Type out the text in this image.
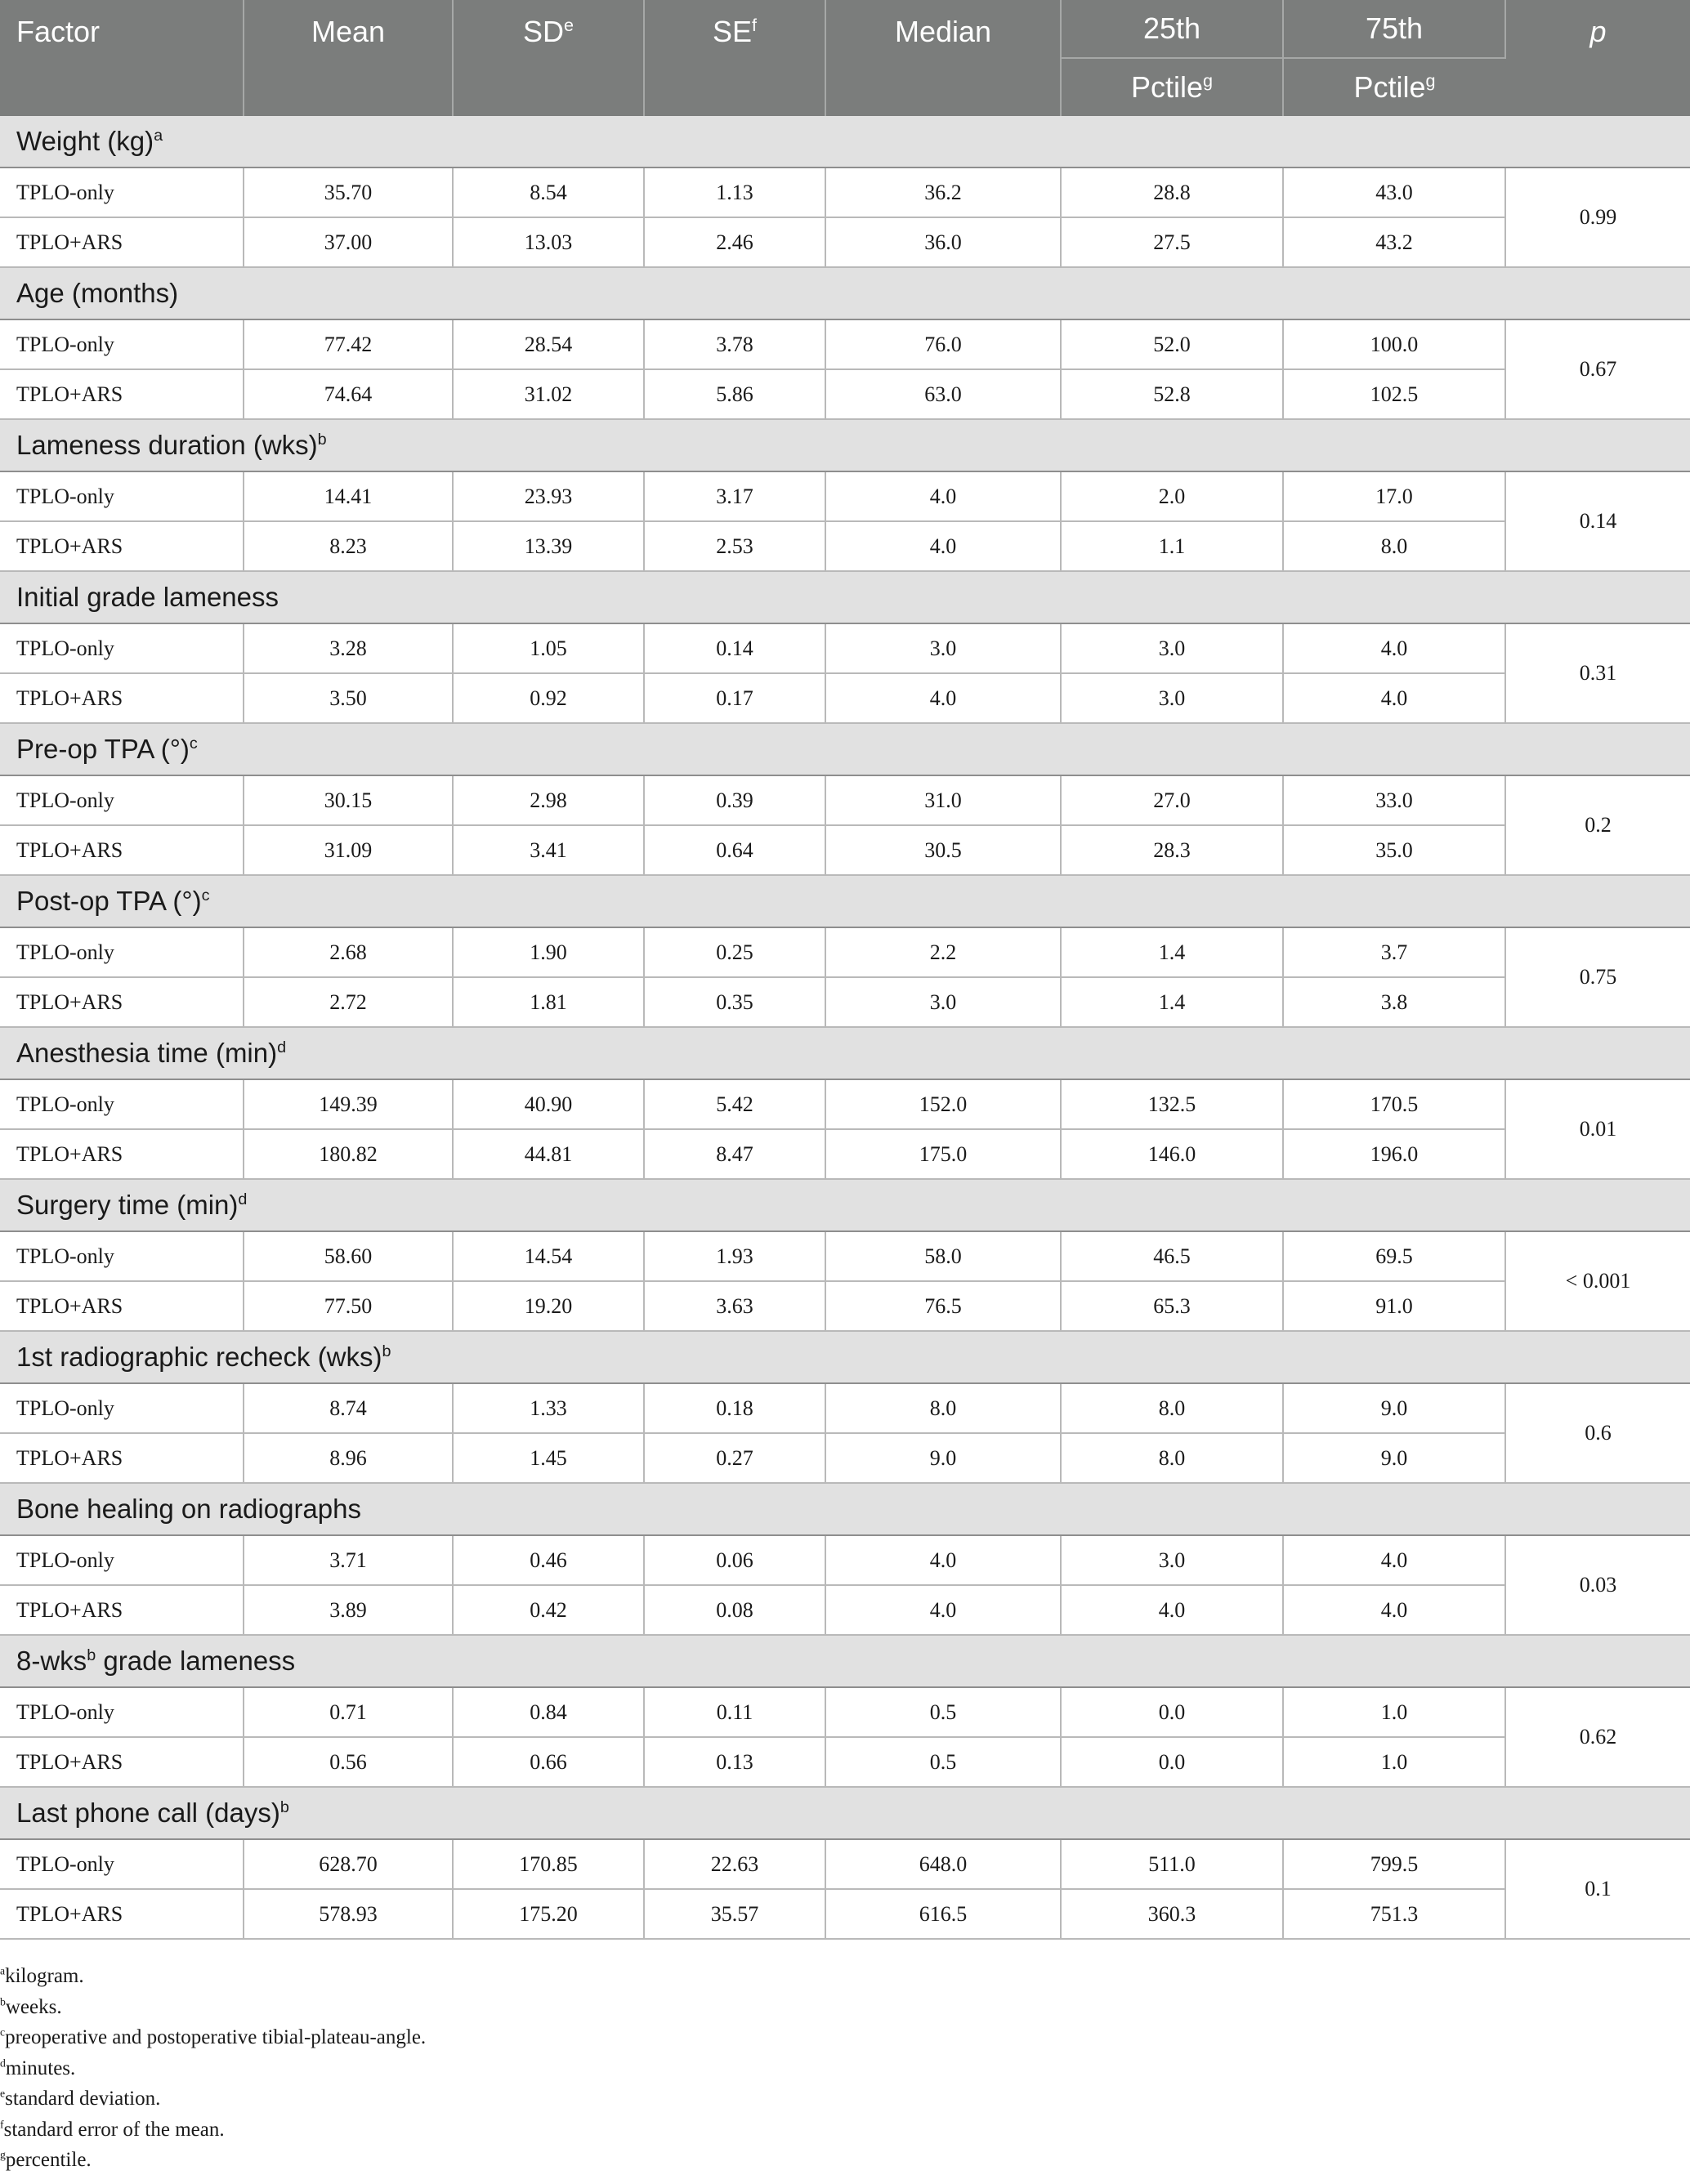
Factor	Mean	$SD^e$	$SE^f$	Median	25th	75th	p
					Pctile$^g$	Pctile$^g$
Weight (kg)$^a$
TPLO-only	35.70	8.54	1.13	36.2	28.8	43.0	0.99
TPLO+ARS	37.00	13.03	2.46	36.0	27.5	43.2	
Age (months)							
TPLO-only	77.42	28.54	3.78	76.0	52.0	100.0	0.67
TPLO+ARS	74.64	31.02	5.86	63.0	52.8	102.5	
Lameness duration (wks)$^b$
TPLO-only	14.41	23.93	3.17	4.0	2.0	17.0	0.14
TPLO+ARS	8.23	13.39	2.53	4.0	1.1	8.0	
Initial grade lameness							
TPLO-only	3.28	1.05	0.14	3.0	3.0	4.0	0.31
TPLO+ARS	3.50	0.92	0.17	4.0	3.0	4.0	
Pre-op TPA (°)$^c$
TPLO-only	30.15	2.98	0.39	31.0	27.0	33.0	0.2
TPLO+ARS	31.09	3.41	0.64	30.5	28.3	35.0	
Post-op TPA (°)$^c$
TPLO-only	2.68	1.90	0.25	2.2	1.4	3.7	0.75
TPLO+ARS	2.72	1.81	0.35	3.0	1.4	3.8	
Anesthesia time $(\min)^d$
TPLO-only	149.39	40.90	5.42	152.0	132.5	170.5	0.01
TPLO+ARS	180.82	44.81	8.47	175.0	146.0	196.0	
Surgery time $(\min)^d$
TPLO-only	58.60	14.54	1.93	58.0	46.5	69.5	< 0.001
TPLO+ARS	77.50	19.20	3.63	76.5	65.3	91.0	
1st radiographic recheck (wks)$^b$
TPLO-only	8.74	1.33	0.18	8.0	8.0	9.0	0.6
TPLO+ARS	8.96	1.45	0.27	9.0	8.0	9.0	
Bone healing on radiographs							
TPLO-only	3.71	0.46	0.06	4.0	3.0	4.0	0.03
TPLO+ARS	3.89	0.42	0.08	4.0	4.0	4.0	
8-wks$^b$ grade lameness							
TPLO-only	0.71	0.84	0.11	0.5	0.0	1.0	0.62
TPLO+ARS	0.56	0.66	0.13	0.5	0.0	1.0	
Last phone call (days)$^b$
TPLO-only	628.70	170.85	22.63	648.0	511.0	799.5	0.1
TPLO+ARS	578.93	175.20	35.57	616.5	360.3	751.3	
$^a$kilogram.
$^b$weeks.
$^c$preoperative and postoperative tibial-plateau-angle.
$^d$minutes.
$^e$standard deviation.
$^f$standard error of the mean.
$^g$percentile.
